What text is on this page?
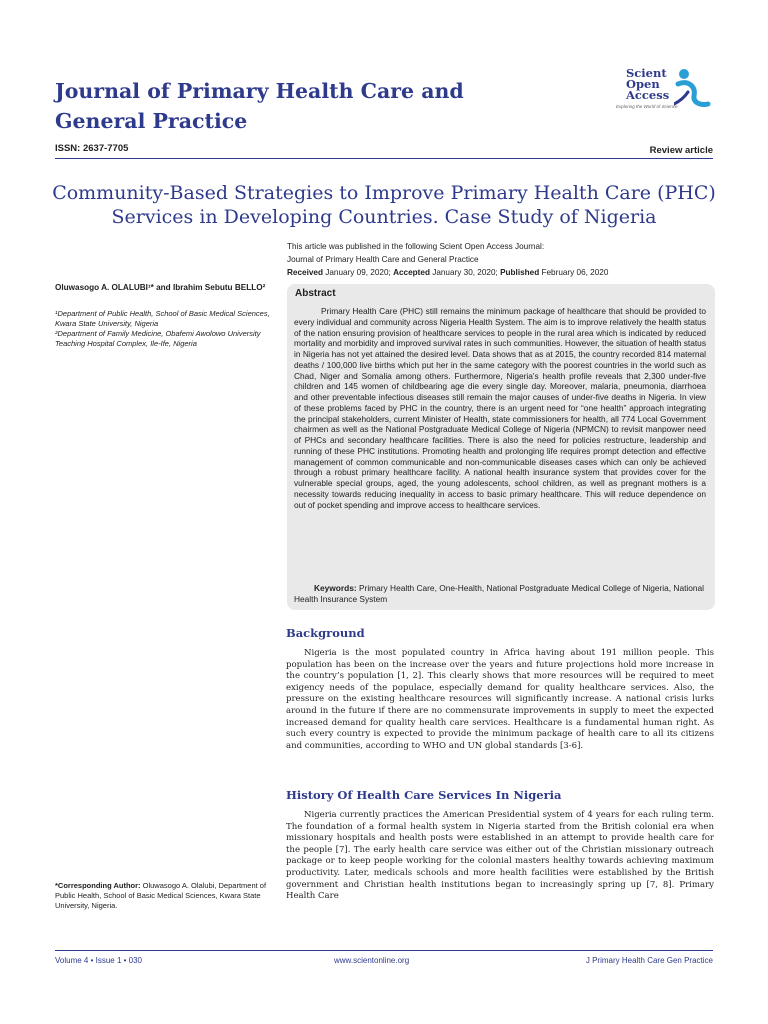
Journal of Primary Health Care and General Practice
Scient
Open
Access
Exploring the World of Science
ISSN: 2637-7705	Review article
Community-Based Strategies to Improve Primary Health Care (PHC) Services in Developing Countries. Case Study of Nigeria
This article was published in the following Scient Open Access Journal:
Journal of Primary Health Care and General Practice
Received January 09, 2020; Accepted January 30, 2020; Published February 06, 2020
Oluwasogo A. OLALUBI¹* and Ibrahim Sebutu BELLO²

¹Department of Public Health, School of Basic Medical Sciences, Kwara State University, Nigeria

²Department of Family Medicine, Obafemi Awolowo University Teaching Hospital Complex, Ile-Ife, Nigeria

Abstract
Primary Health Care (PHC) still remains the minimum package of healthcare that should be provided to every individual and community across Nigeria Health System. The aim is to improve relatively the health status of the nation ensuring provision of healthcare services to people in the rural area which is indicated by reduced mortality and morbidity and improved survival rates in such communities. However, the situation of health status in Nigeria has not yet attained the desired level. Data shows that as at 2015, the country recorded 814 maternal deaths / 100,000 live births which put her in the same category with the poorest countries in the world such as Chad, Niger and Somalia among others. Furthermore, Nigeria's health profile reveals that 2,300 under-five children and 145 women of childbearing age die every single day. Moreover, malaria, pneumonia, diarrhoea and other preventable infectious diseases still remain the major causes of under-five deaths in Nigeria. In view of these problems faced by PHC in the country, there is an urgent need for “one health” approach integrating the principal stakeholders, current Minister of Health, state commissioners for health, all 774 Local Government chairmen as well as the National Postgraduate Medical College of Nigeria (NPMCN) to revisit manpower need of PHCs and secondary healthcare facilities. There is also the need for policies restructure, leadership and running of these PHC institutions. Promoting health and prolonging life requires prompt detection and effective management of common communicable and non-communicable diseases cases which can only be achieved through a robust primary healthcare facility. A national health insurance system that provides cover for the vulnerable special groups, aged, the young adolescents, school children, as well as pregnant mothers is a necessity towards reducing inequality in access to basic primary healthcare. This will reduce dependence on out of pocket spending and improve access to healthcare services.
Keywords: Primary Health Care, One-Health, National Postgraduate Medical College of Nigeria, National Health Insurance System
Background
Nigeria is the most populated country in Africa having about 191 million people. This population has been on the increase over the years and future projections hold more increase in the country’s population [1, 2]. This clearly shows that more resources will be required to meet exigency needs of the populace, especially demand for quality healthcare services. Also, the pressure on the existing healthcare resources will significantly increase. A national crisis lurks around in the future if there are no commensurate improvements in supply to meet the expected increased demand for quality health care services. Healthcare is a fundamental human right. As such every country is expected to provide the minimum package of health care to all its citizens and communities, according to WHO and UN global standards [3-6].
History Of Health Care Services In Nigeria
Nigeria currently practices the American Presidential system of 4 years for each ruling term. The foundation of a formal health system in Nigeria started from the British colonial era when missionary hospitals and health posts were established in an attempt to provide health care for the people [7]. The early health care service was either out of the Christian missionary outreach package or to keep people working for the colonial masters healthy towards achieving maximum productivity. Later, medicals schools and more health facilities were established by the British government and Christian health institutions began to increasingly spring up [7, 8]. Primary Health Care
*Corresponding Author: Oluwasogo A. Olalubi, Department of Public Health, School of Basic Medical Sciences, Kwara State University, Nigeria.
Volume 4 • Issue 1 • 030	www.scientonline.org	J Primary Health Care Gen Practice
